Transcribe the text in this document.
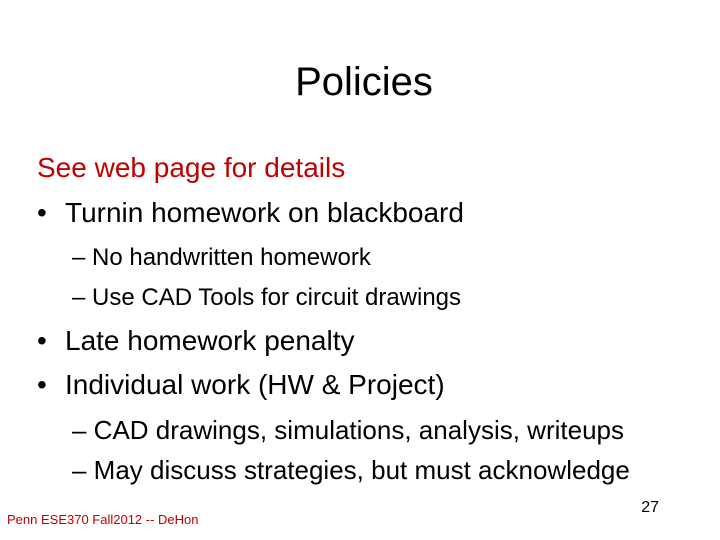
Policies
See web page for details
• Turnin homework on blackboard
– No handwritten homework
– Use CAD Tools for circuit drawings
• Late homework penalty
• Individual work (HW & Project)
– CAD drawings, simulations, analysis, writeups
– May discuss strategies, but must acknowledge
27
Penn ESE370 Fall2012 -- DeHon
